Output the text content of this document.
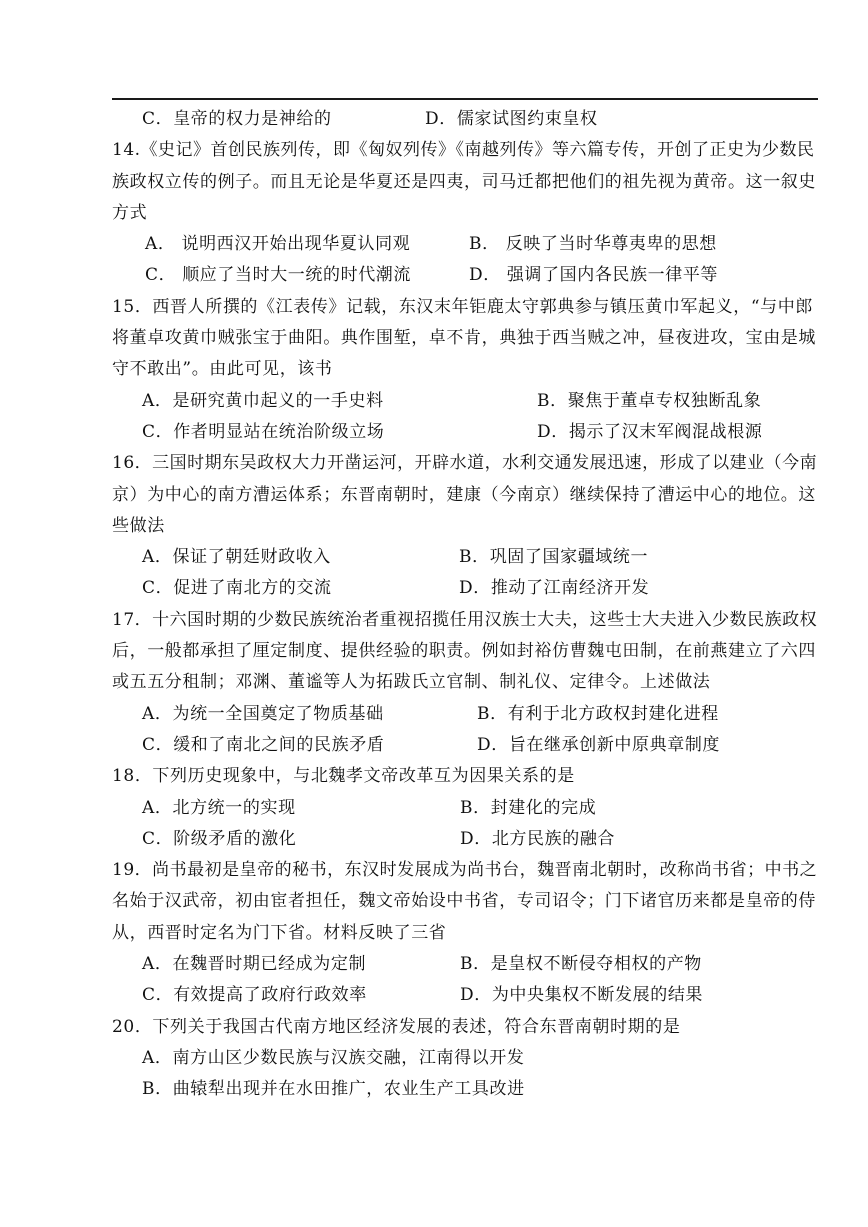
C．皇帝的权力是神给的	D．儒家试图约束皇权
14.《史记》首创民族列传，即《匈奴列传》《南越列传》等六篇专传，开创了正史为少数民
族政权立传的例子。而且无论是华夏还是四夷，司马迁都把他们的祖先视为黄帝。这一叙史
方式
A． 说明西汉开始出现华夏认同观	B． 反映了当时华尊夷卑的思想
C． 顺应了当时大一统的时代潮流	D． 强调了国内各民族一律平等
15．西晋人所撰的《江表传》记载，东汉末年钜鹿太守郭典参与镇压黄巾军起义，“与中郎
将董卓攻黄巾贼张宝于曲阳。典作围堑，卓不肯，典独于西当贼之冲，昼夜进攻，宝由是城
守不敢出”。由此可见，该书
A．是研究黄巾起义的一手史料	B．聚焦于董卓专权独断乱象
C．作者明显站在统治阶级立场	D．揭示了汉末军阀混战根源
16．三国时期东吴政权大力开凿运河，开辟水道，水利交通发展迅速，形成了以建业（今南
京）为中心的南方漕运体系；东晋南朝时，建康（今南京）继续保持了漕运中心的地位。这
些做法
A．保证了朝廷财政收入	B．巩固了国家疆域统一
C．促进了南北方的交流	D．推动了江南经济开发
17．十六国时期的少数民族统治者重视招揽任用汉族士大夫，这些士大夫进入少数民族政权
后，一般都承担了厘定制度、提供经验的职责。例如封裕仿曹魏屯田制，在前燕建立了六四
或五五分租制；邓渊、董谧等人为拓跋氏立官制、制礼仪、定律令。上述做法
A．为统一全国奠定了物质基础	B．有利于北方政权封建化进程
C．缓和了南北之间的民族矛盾	D．旨在继承创新中原典章制度
18．下列历史现象中，与北魏孝文帝改革互为因果关系的是
A．北方统一的实现	B．封建化的完成
C．阶级矛盾的激化	D．北方民族的融合
19．尚书最初是皇帝的秘书，东汉时发展成为尚书台，魏晋南北朝时，改称尚书省；中书之
名始于汉武帝，初由宦者担任，魏文帝始设中书省，专司诏令；门下诸官历来都是皇帝的侍
从，西晋时定名为门下省。材料反映了三省
A．在魏晋时期已经成为定制	B．是皇权不断侵夺相权的产物
C．有效提高了政府行政效率	D．为中央集权不断发展的结果
20．下列关于我国古代南方地区经济发展的表述，符合东晋南朝时期的是
A．南方山区少数民族与汉族交融，江南得以开发
B．曲辕犁出现并在水田推广，农业生产工具改进
